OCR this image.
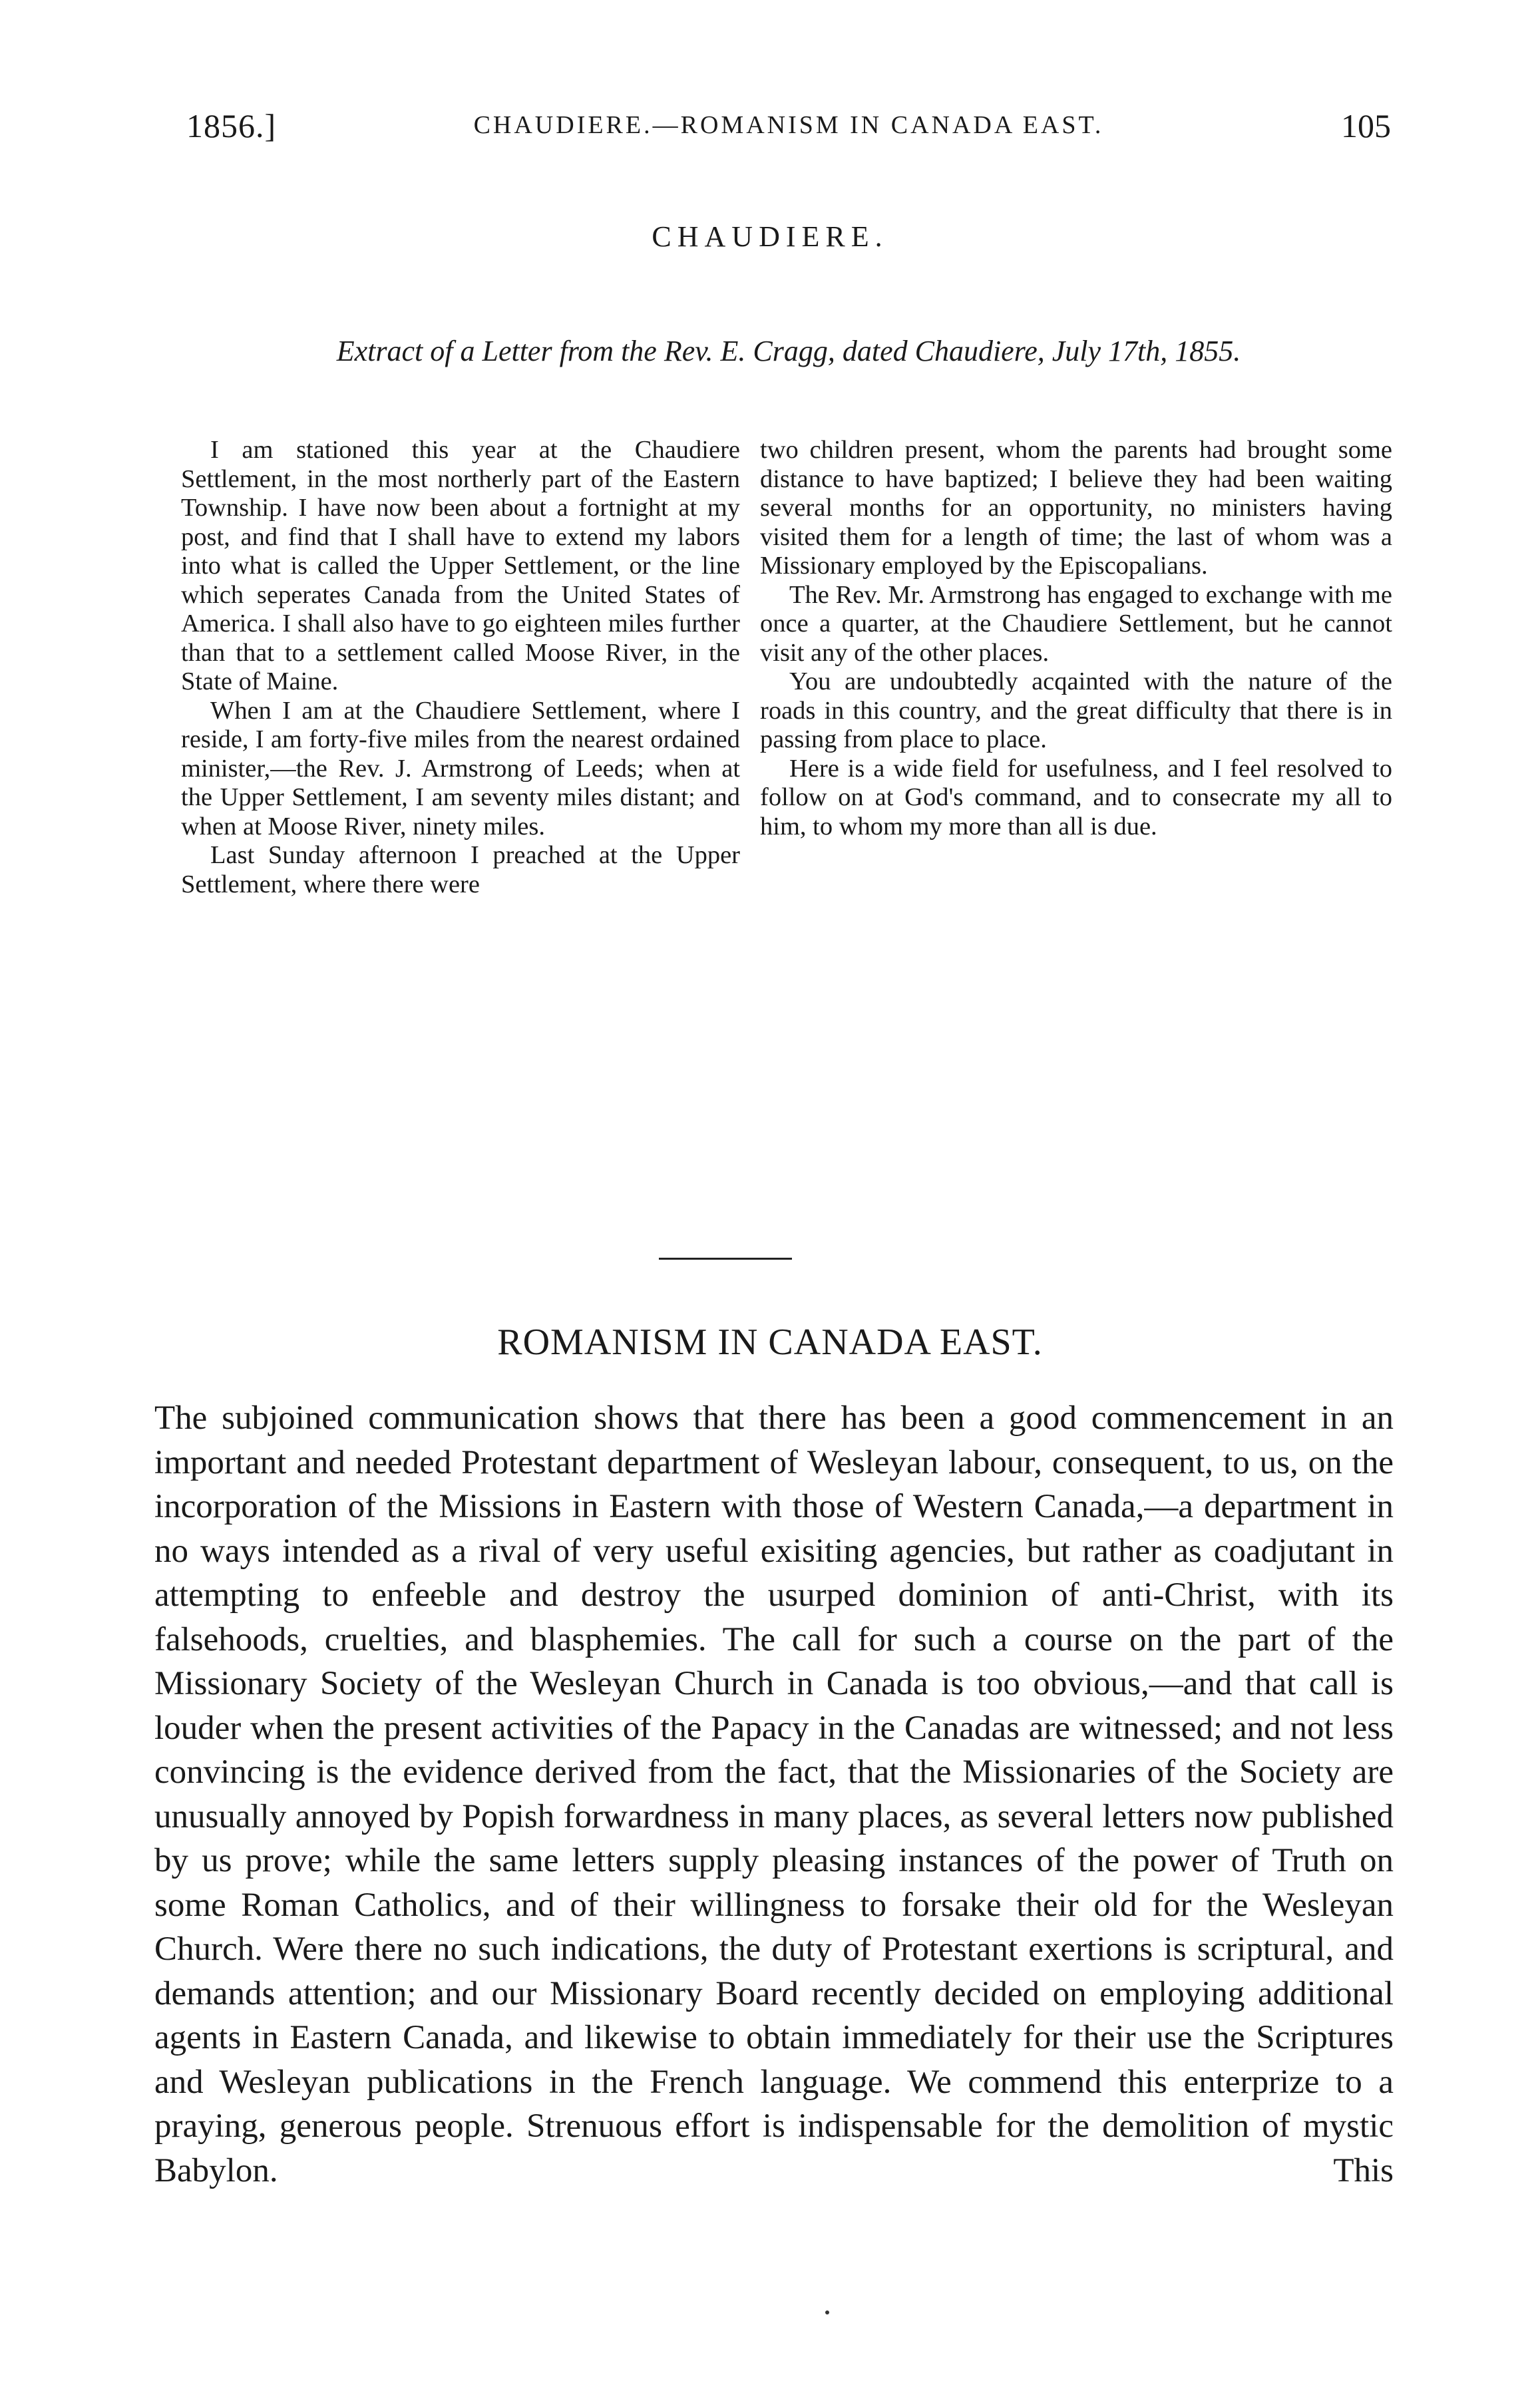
1856.]	CHAUDIERE.—ROMANISM IN CANADA EAST.	105
CHAUDIERE.
Extract of a Letter from the Rev. E. Cragg, dated Chaudiere, July 17th, 1855.

I am stationed this year at the Chaudiere Settlement, in the most northerly part of the Eastern Township. I have now been about a fortnight at my post, and find that I shall have to extend my labors into what is called the Upper Settlement, or the line which seperates Canada from the United States of America. I shall also have to go eighteen miles further than that to a settlement called Moose River, in the State of Maine.

When I am at the Chaudiere Settlement, where I reside, I am forty-five miles from the nearest ordained minister,—the Rev. J. Armstrong of Leeds; when at the Upper Settlement, I am seventy miles distant; and when at Moose River, ninety miles.

Last Sunday afternoon I preached at the Upper Settlement, where there were

two children present, whom the parents had brought some distance to have baptized; I believe they had been waiting several months for an opportunity, no ministers having visited them for a length of time; the last of whom was a Missionary employed by the Episcopalians.

The Rev. Mr. Armstrong has engaged to exchange with me once a quarter, at the Chaudiere Settlement, but he cannot visit any of the other places.

You are undoubtedly acqainted with the nature of the roads in this country, and the great difficulty that there is in passing from place to place.

Here is a wide field for usefulness, and I feel resolved to follow on at God's command, and to consecrate my all to him, to whom my more than all is due.

ROMANISM IN CANADA EAST.

The subjoined communication shows that there has been a good commencement in an important and needed Protestant department of Wesleyan labour, consequent, to us, on the incorporation of the Missions in Eastern with those of Western Canada,—a department in no ways intended as a rival of very useful exisiting agencies, but rather as coadjutant in attempting to enfeeble and destroy the usurped dominion of anti-Christ, with its falsehoods, cruelties, and blasphemies. The call for such a course on the part of the Missionary Society of the Wesleyan Church in Canada is too obvious,—and that call is louder when the present activities of the Papacy in the Canadas are witnessed; and not less convincing is the evidence derived from the fact, that the Missionaries of the Society are unusually annoyed by Popish forwardness in many places, as several letters now published by us prove; while the same letters supply pleasing instances of the power of Truth on some Roman Catholics, and of their willingness to forsake their old for the Wesleyan Church. Were there no such indications, the duty of Protestant exertions is scriptural, and demands attention; and our Missionary Board recently decided on employing additional agents in Eastern Canada, and likewise to obtain immediately for their use the Scriptures and Wesleyan publications in the French language. We commend this enterprize to a praying, generous people. Strenuous effort is indispensable for the demolition of mystic Babylon. This
